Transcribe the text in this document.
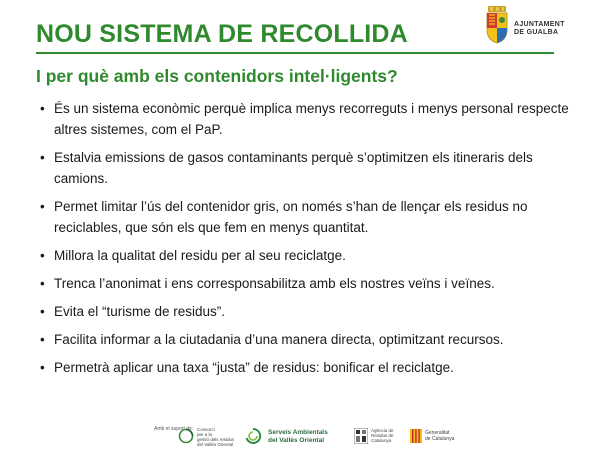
NOU SISTEMA DE RECOLLIDA	AJUNTAMENT
DE GUALBA
I per què amb els contenidors intel·ligents?
• És un sistema econòmic perquè implica menys recorreguts i menys personal respecte altres sistemes, com el PaP.
• Estalvia emissions de gasos contaminants perquè s’optimitzen els itineraris dels camions.
• Permet limitar l’ús del contenidor gris, on només s’han de llençar els residus no reciclables, que són els que fem en menys quantitat.
• Millora la qualitat del residu per al seu reciclatge.
• Trenca l’anonimat i ens corresponsabilitza amb els nostres veïns i veïnes.
• Evita el “turisme de residus”.
• Facilita informar a la ciutadania d’una manera directa, optimitzant recursos.
• Permetrà aplicar una taxa “justa” de residus: bonificar el reciclatge.
Amb el suport de: Consorci
per a la
gestió dels residus
del Vallès Oriental
Serveis Ambientals
del Vallès Oriental
Agència de
Residus de
Catalunya
Generalitat
de Catalunya
